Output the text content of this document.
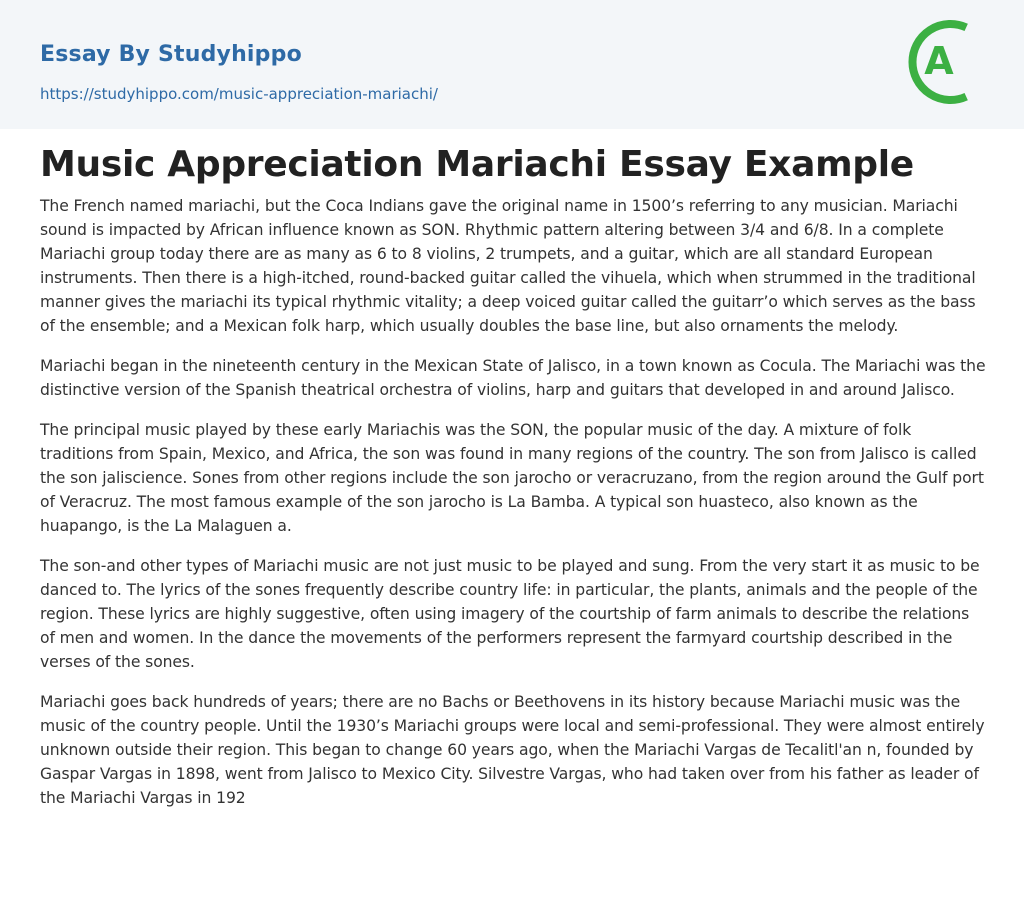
Essay By Studyhippo
https://studyhippo.com/music-appreciation-mariachi/
A
Music Appreciation Mariachi Essay Example

The French named mariachi, but the Coca Indians gave the original name in 1500’s referring to any musician. Mariachi sound is impacted by African influence known as SON. Rhythmic pattern altering between 3/4 and 6/8. In a complete Mariachi group today there are as many as 6 to 8 violins, 2 trumpets, and a guitar, which are all standard European instruments. Then there is a high-itched, round-backed guitar called the vihuela, which when strummed in the traditional manner gives the mariachi its typical rhythmic vitality; a deep voiced guitar called the guitarr’o which serves as the bass of the ensemble; and a Mexican folk harp, which usually doubles the base line, but also ornaments the melody.

Mariachi began in the nineteenth century in the Mexican State of Jalisco, in a town known as Cocula. The Mariachi was the distinctive version of the Spanish theatrical orchestra of violins, harp and guitars that developed in and around Jalisco.

The principal music played by these early Mariachis was the SON, the popular music of the day. A mixture of folk traditions from Spain, Mexico, and Africa, the son was found in many regions of the country. The son from Jalisco is called the son jaliscience. Sones from other regions include the son jarocho or veracruzano, from the region around the Gulf port of Veracruz. The most famous example of the son jarocho is La Bamba. A typical son huasteco, also known as the huapango, is the La Malaguen a.

The son-and other types of Mariachi music are not just music to be played and sung. From the very start it as music to be danced to. The lyrics of the sones frequently describe country life: in particular, the plants, animals and the people of the region. These lyrics are highly suggestive, often using imagery of the courtship of farm animals to describe the relations of men and women. In the dance the movements of the performers represent the farmyard courtship described in the verses of the sones.

Mariachi goes back hundreds of years; there are no Bachs or Beethovens in its history because Mariachi music was the music of the country people. Until the 1930’s Mariachi groups were local and semi-professional. They were almost entirely unknown outside their region. This began to change 60 years ago, when the Mariachi Vargas de Tecalitl'an n, founded by Gaspar Vargas in 1898, went from Jalisco to Mexico City. Silvestre Vargas, who had taken over from his father as leader of the Mariachi Vargas in 192
